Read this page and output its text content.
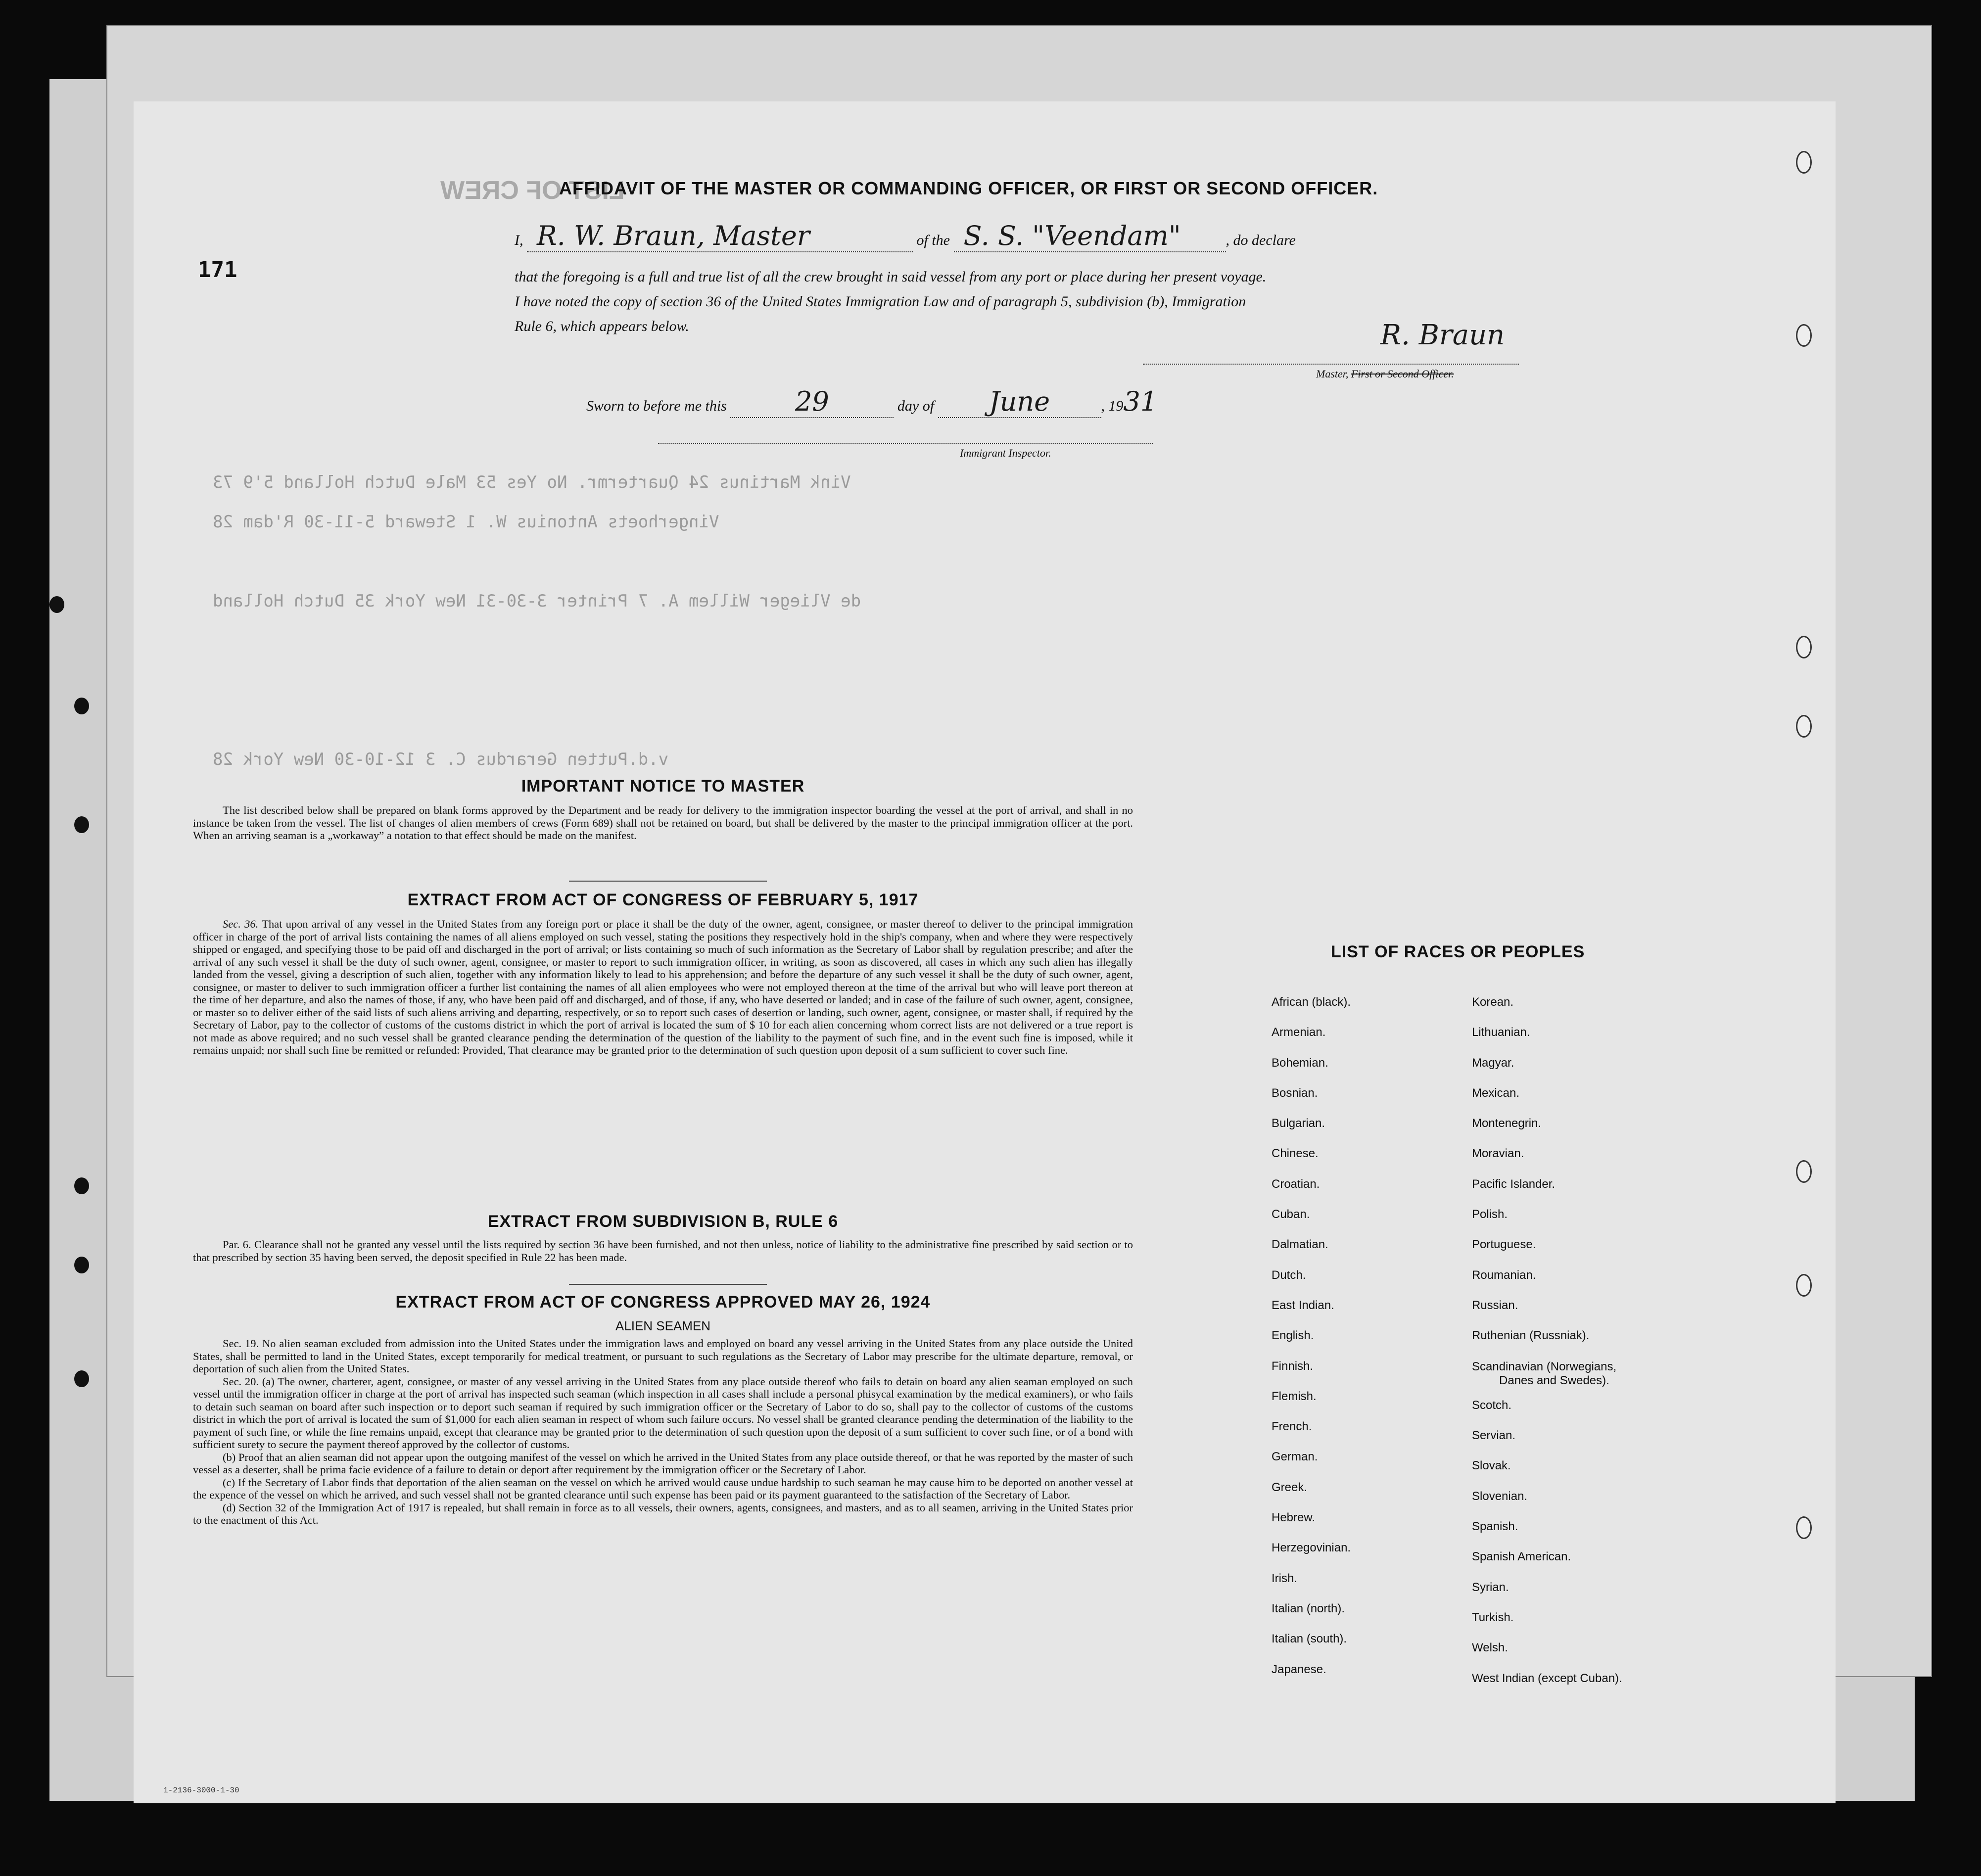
LIST OF CREW
Vink Martinus 24 Quartermr. No Yes 53 Male Dutch Holland 5'9 73
Vingerhoets Antonius W. 1 Steward 5-11-30 R'dam 28
de Vlieger Willem A. 7 Printer 3-30-31 New York 35 Dutch Holland
v.d.Putten Gerardus C. 3 12-10-30 New York 28
171
AFFIDAVIT OF THE MASTER OR COMMANDING OFFICER, OR FIRST OR SECOND OFFICER.
I, R. W. Braun, Master	of the S. S. "Veendam"	, do declare
that the foregoing is a full and true list of all the crew brought in said vessel from any port or place during her present voyage.
I have noted the copy of section 36 of the United States Immigration Law and of paragraph 5, subdivision (b), Immigration
Rule 6, which appears below.	R. Braun
Master, First or Second Officer.
Sworn to before me this	29	day of June	, 1931
Immigrant Inspector.
IMPORTANT NOTICE TO MASTER

The list described below shall be prepared on blank forms approved by the Department and be ready for delivery to the immigration inspector boarding the vessel at the port of arrival, and shall in no instance be taken from the vessel. The list of changes of alien members of crews (Form 689) shall not be retained on board, but shall be delivered by the master to the principal immigration officer at the port. When an arriving seaman is a „workaway” a notation to that effect should be made on the manifest.

EXTRACT FROM ACT OF CONGRESS OF FEBRUARY 5, 1917

Sec. 36. That upon arrival of any vessel in the United States from any foreign port or place it shall be the duty of the owner, agent, consignee, or master thereof to deliver to the principal immigration officer in charge of the port of arrival lists containing the names of all aliens employed on such vessel, stating the positions they respectively hold in the ship's company, when and where they were respectively shipped or engaged, and specifying those to be paid off and discharged in the port of arrival; or lists containing so much of such information as the Secretary of Labor shall by regulation prescribe; and after the arrival of any such vessel it shall be the duty of such owner, agent, consignee, or master to report to such immigration officer, in writing, as soon as discovered, all cases in which any such alien has illegally landed from the vessel, giving a description of such alien, together with any information likely to lead to his apprehension; and before the departure of any such vessel it shall be the duty of such owner, agent, consignee, or master to deliver to such immigration officer a further list containing the names of all alien employees who were not employed thereon at the time of the arrival but who will leave port thereon at the time of her departure, and also the names of those, if any, who have been paid off and discharged, and of those, if any, who have deserted or landed; and in case of the failure of such owner, agent, consignee, or master so to deliver either of the said lists of such aliens arriving and departing, respectively, or so to report such cases of desertion or landing, such owner, agent, consignee, or master shall, if required by the Secretary of Labor, pay to the collector of customs of the customs district in which the port of arrival is located the sum of $ 10 for each alien concerning whom correct lists are not delivered or a true report is not made as above required; and no such vessel shall be granted clearance pending the determination of the question of the liability to the payment of such fine, and in the event such fine is imposed, while it remains unpaid; nor shall such fine be remitted or refunded: Provided, That clearance may be granted prior to the determination of such question upon deposit of a sum sufficient to cover such fine.

EXTRACT FROM SUBDIVISION B, RULE 6

Par. 6. Clearance shall not be granted any vessel until the lists required by section 36 have been furnished, and not then unless, notice of liability to the administrative fine prescribed by said section or to that prescribed by section 35 having been served, the deposit specified in Rule 22 has been made.

EXTRACT FROM ACT OF CONGRESS APPROVED MAY 26, 1924
ALIEN SEAMEN

Sec. 19. No alien seaman excluded from admission into the United States under the immigration laws and employed on board any vessel arriving in the United States from any place outside the United States, shall be permitted to land in the United States, except temporarily for medical treatment, or pursuant to such regulations as the Secretary of Labor may prescribe for the ultimate departure, removal, or deportation of such alien from the United States.

Sec. 20. (a) The owner, charterer, agent, consignee, or master of any vessel arriving in the United States from any place outside thereof who fails to detain on board any alien seaman employed on such vessel until the immigration officer in charge at the port of arrival has inspected such seaman (which inspection in all cases shall include a personal phisycal examination by the medical examiners), or who fails to detain such seaman on board after such inspection or to deport such seaman if required by such immigration officer or the Secretary of Labor to do so, shall pay to the collector of customs of the customs district in which the port of arrival is located the sum of $1,000 for each alien seaman in respect of whom such failure occurs. No vessel shall be granted clearance pending the determination of the liability to the payment of such fine, or while the fine remains unpaid, except that clearance may be granted prior to the determination of such question upon the deposit of a sum sufficient to cover such fine, or of a bond with sufficient surety to secure the payment thereof approved by the collector of customs.

(b) Proof that an alien seaman did not appear upon the outgoing manifest of the vessel on which he arrived in the United States from any place outside thereof, or that he was reported by the master of such vessel as a deserter, shall be prima facie evidence of a failure to detain or deport after requirement by the immigration officer or the Secretary of Labor.

(c) If the Secretary of Labor finds that deportation of the alien seaman on the vessel on which he arrived would cause undue hardship to such seaman he may cause him to be deported on another vessel at the expence of the vessel on which he arrived, and such vessel shall not be granted clearance until such expense has been paid or its payment guaranteed to the satisfaction of the Secretary of Labor.

(d) Section 32 of the Immigration Act of 1917 is repealed, but shall remain in force as to all vessels, their owners, agents, consignees, and masters, and as to all seamen, arriving in the United States prior to the enactment of this Act.

LIST OF RACES OR PEOPLES
African (black).
Armenian.
Bohemian.
Bosnian.
Bulgarian.
Chinese.
Croatian.
Cuban.
Dalmatian.
Dutch.
East Indian.
English.
Finnish.
Flemish.
French.
German.
Greek.
Hebrew.
Herzegovinian.
Irish.
Italian (north).
Italian (south).
Japanese.
Korean.
Lithuanian.
Magyar.
Mexican.
Montenegrin.
Moravian.
Pacific Islander.
Polish.
Portuguese.
Roumanian.
Russian.
Ruthenian (Russniak).
Scandinavian (Norwegians,
Danes and Swedes).
Scotch.
Servian.
Slovak.
Slovenian.
Spanish.
Spanish American.
Syrian.
Turkish.
Welsh.
West Indian (except Cuban).
1-2136-3000-1-30
